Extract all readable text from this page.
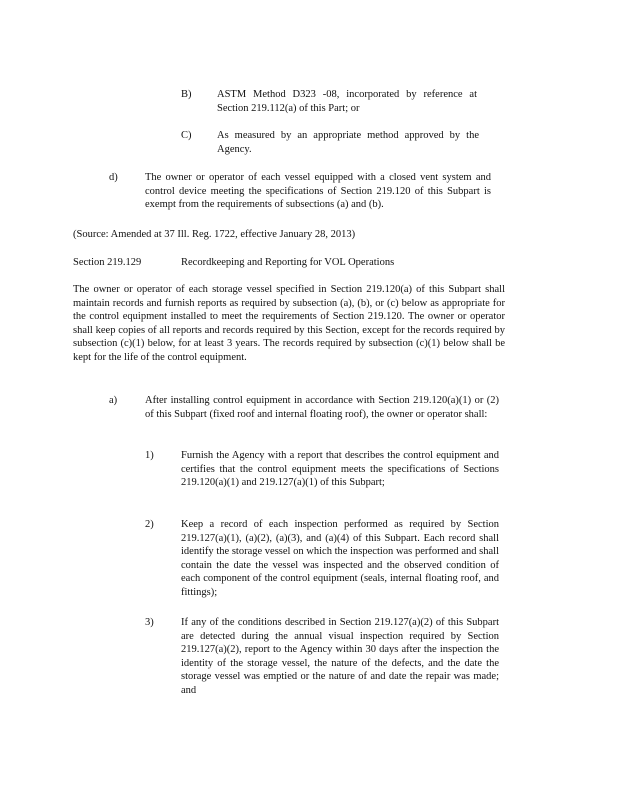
B) ASTM Method D323 -08, incorporated by reference at Section 219.112(a) of this Part; or
C) As measured by an appropriate method approved by the Agency.
d)	The owner or operator of each vessel equipped with a closed vent system and control device meeting the specifications of Section 219.120 of this Subpart is exempt from the requirements of subsections (a) and (b).
(Source: Amended at 37 Ill. Reg. 1722, effective January 28, 2013)
Section 219.129	Recordkeeping and Reporting for VOL Operations
The owner or operator of each storage vessel specified in Section 219.120(a) of this Subpart shall maintain records and furnish reports as required by subsection (a), (b), or (c) below as appropriate for the control equipment installed to meet the requirements of Section 219.120. The owner or operator shall keep copies of all reports and records required by this Section, except for the records required by subsection (c)(1) below, for at least 3 years. The records required by subsection (c)(1) below shall be kept for the life of the control equipment.
a)	After installing control equipment in accordance with Section 219.120(a)(1) or (2) of this Subpart (fixed roof and internal floating roof), the owner or operator shall:
1)	Furnish the Agency with a report that describes the control equipment and certifies that the control equipment meets the specifications of Sections 219.120(a)(1) and 219.127(a)(1) of this Subpart;
2)	Keep a record of each inspection performed as required by Section 219.127(a)(1), (a)(2), (a)(3), and (a)(4) of this Subpart. Each record shall identify the storage vessel on which the inspection was performed and shall contain the date the vessel was inspected and the observed condition of each component of the control equipment (seals, internal floating roof, and fittings);
3)	If any of the conditions described in Section 219.127(a)(2) of this Subpart are detected during the annual visual inspection required by Section 219.127(a)(2), report to the Agency within 30 days after the inspection the identity of the storage vessel, the nature of the defects, and the date the storage vessel was emptied or the nature of and date the repair was made; and
